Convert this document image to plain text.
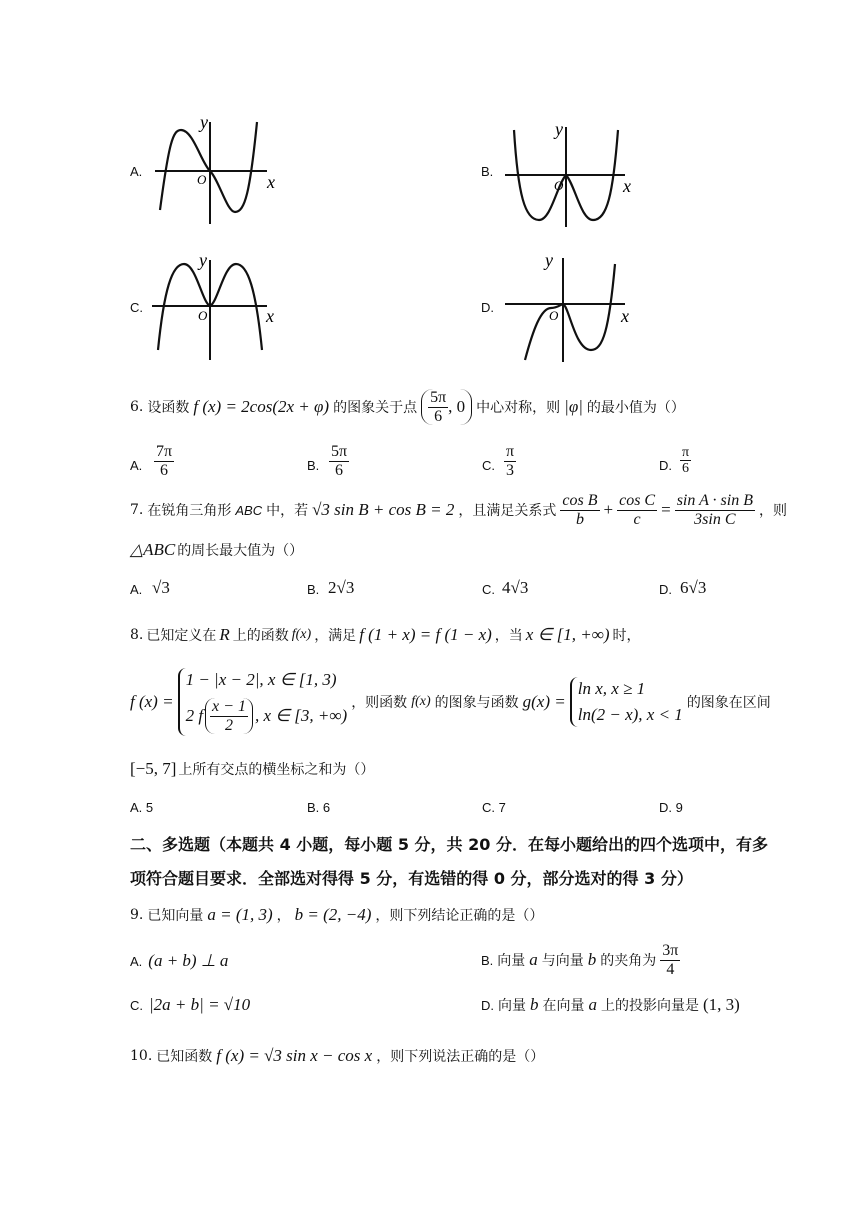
A.
y
x
O
B.
y
x
O
C.
y
x
O
D.
y
x
O
6. 设函数 f (x) = 2cos(2x + φ) 的图象关于点 $\frac{5\pi}{6}$ , 0 中心对称，则 |φ| 的最小值为（）
A. $\frac{7\pi}{6}$	B. $\frac{5\pi}{6}$	C. $\frac{\pi}{3}$	D. $\frac{\pi}{6}$
7. 在锐角三角形 ABC 中，若 √3 sin B + cos B = 2 ，且满足关系式 $\frac{\text{cos B}}{b} + \frac{\text{cos C}}{c} = \frac{\text{sin A · sin B}}{\text{3sin C}}$ ，则
△ABC 的周长最大值为（）
A. √3	B. 2√3	C. 4√3	D. 6√3
8. 已知定义在 R 上的函数 f(x) ，满足 f (1 + x) = f (1 − x) ，当 x ∈ [1, +∞) 时，
f (x) =
1 − |x − 2|, x ∈ [1, 3)
2 f $\frac{x - 1}{2}$ , x ∈ [3, +∞)
，则函数 f(x) 的图象与函数 g(x) =
ln x, x ≥ 1
ln(2 − x), x < 1
的图象在区间
[−5, 7] 上所有交点的横坐标之和为（）
A. 5	B. 6	C. 7	D. 9
二、多选题（本题共 4 小题，每小题 5 分，共 20 分．在每小题给出的四个选项中，有多
项符合题目要求．全部选对得得 5 分，有选错的得 0 分，部分选对的得 3 分）
9. 已知向量 a = (1, 3) ， b = (2, −4) ，则下列结论正确的是（）
A. (a + b) ⊥ a	B. 向量 a 与向量 b 的夹角为 $\frac{3\pi}{4}$
C. |2a + b| = √10	D. 向量 b 在向量 a 上的投影向量是 (1, 3)
10. 已知函数 f (x) = √3 sin x − cos x ，则下列说法正确的是（）
